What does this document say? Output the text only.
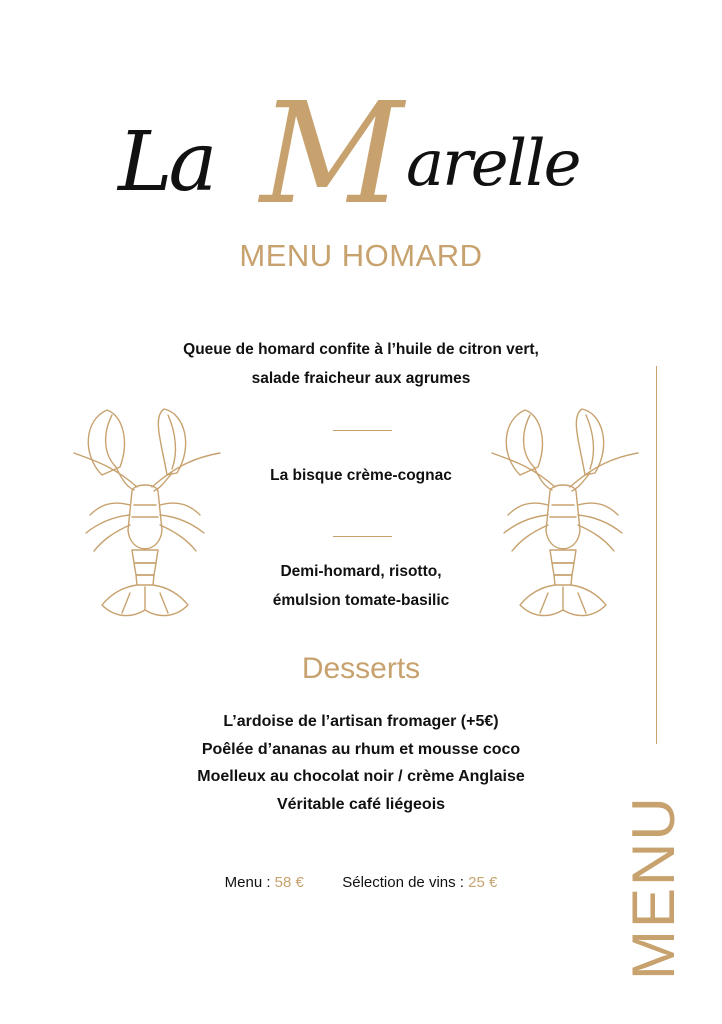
La M arelle
MENU HOMARD
Queue de homard confite à l’huile de citron vert,
salade fraicheur aux agrumes
La bisque crème-cognac
Demi-homard, risotto,
émulsion tomate-basilic
Desserts
L’ardoise de l’artisan fromager (+5€)
Poêlée d’ananas au rhum et mousse coco
Moelleux au chocolat noir / crème Anglaise
Véritable café liégeois
Menu : 58 €	Sélection de vins : 25 €	MENU
